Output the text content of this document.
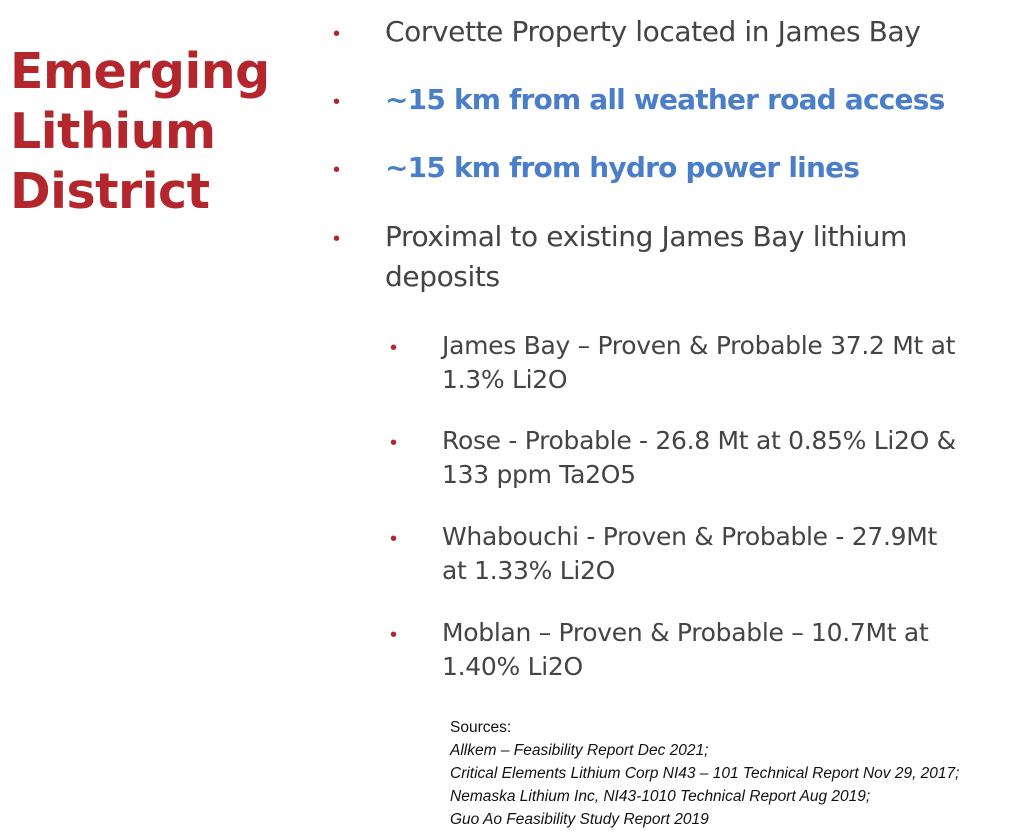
Emerging
Lithium
District
• Corvette Property located in James Bay
• ~15 km from all weather road access
• ~15 km from hydro power lines
• Proximal to existing James Bay lithium
deposits
• James Bay – Proven & Probable 37.2 Mt at
1.3% Li2O
• Rose - Probable - 26.8 Mt at 0.85% Li2O &
133 ppm Ta2O5
• Whabouchi - Proven & Probable - 27.9Mt
at 1.33% Li2O
• Moblan – Proven & Probable – 10.7Mt at
1.40% Li2O
Sources:
Allkem – Feasibility Report Dec 2021;
Critical Elements Lithium Corp NI43 – 101 Technical Report Nov 29, 2017;
Nemaska Lithium Inc, NI43-1010 Technical Report Aug 2019;
Guo Ao Feasibility Study Report 2019
